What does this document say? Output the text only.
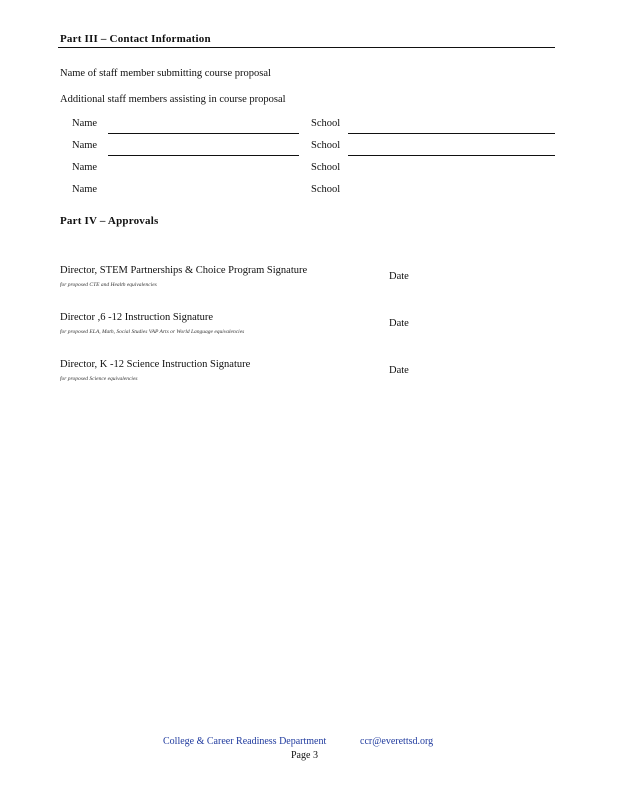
Part III – Contact Information
Name of staff member submitting course proposal
Additional staff members assisting in course proposal
Name	School
Name	School
Name	School
Name	School
Part IV – Approvals
Director, STEM Partnerships & Choice Program Signature
for proposed CTE and Health equivalencies
Date
Director ,6 -12 Instruction Signature
for proposed ELA, Math, Social Studies VAP Arts or World Language equivalencies
Date
Director, K -12 Science Instruction Signature
for proposed Science equivalencies
Date
College & Career Readiness Department	ccr@everettsd.org
Page 3
